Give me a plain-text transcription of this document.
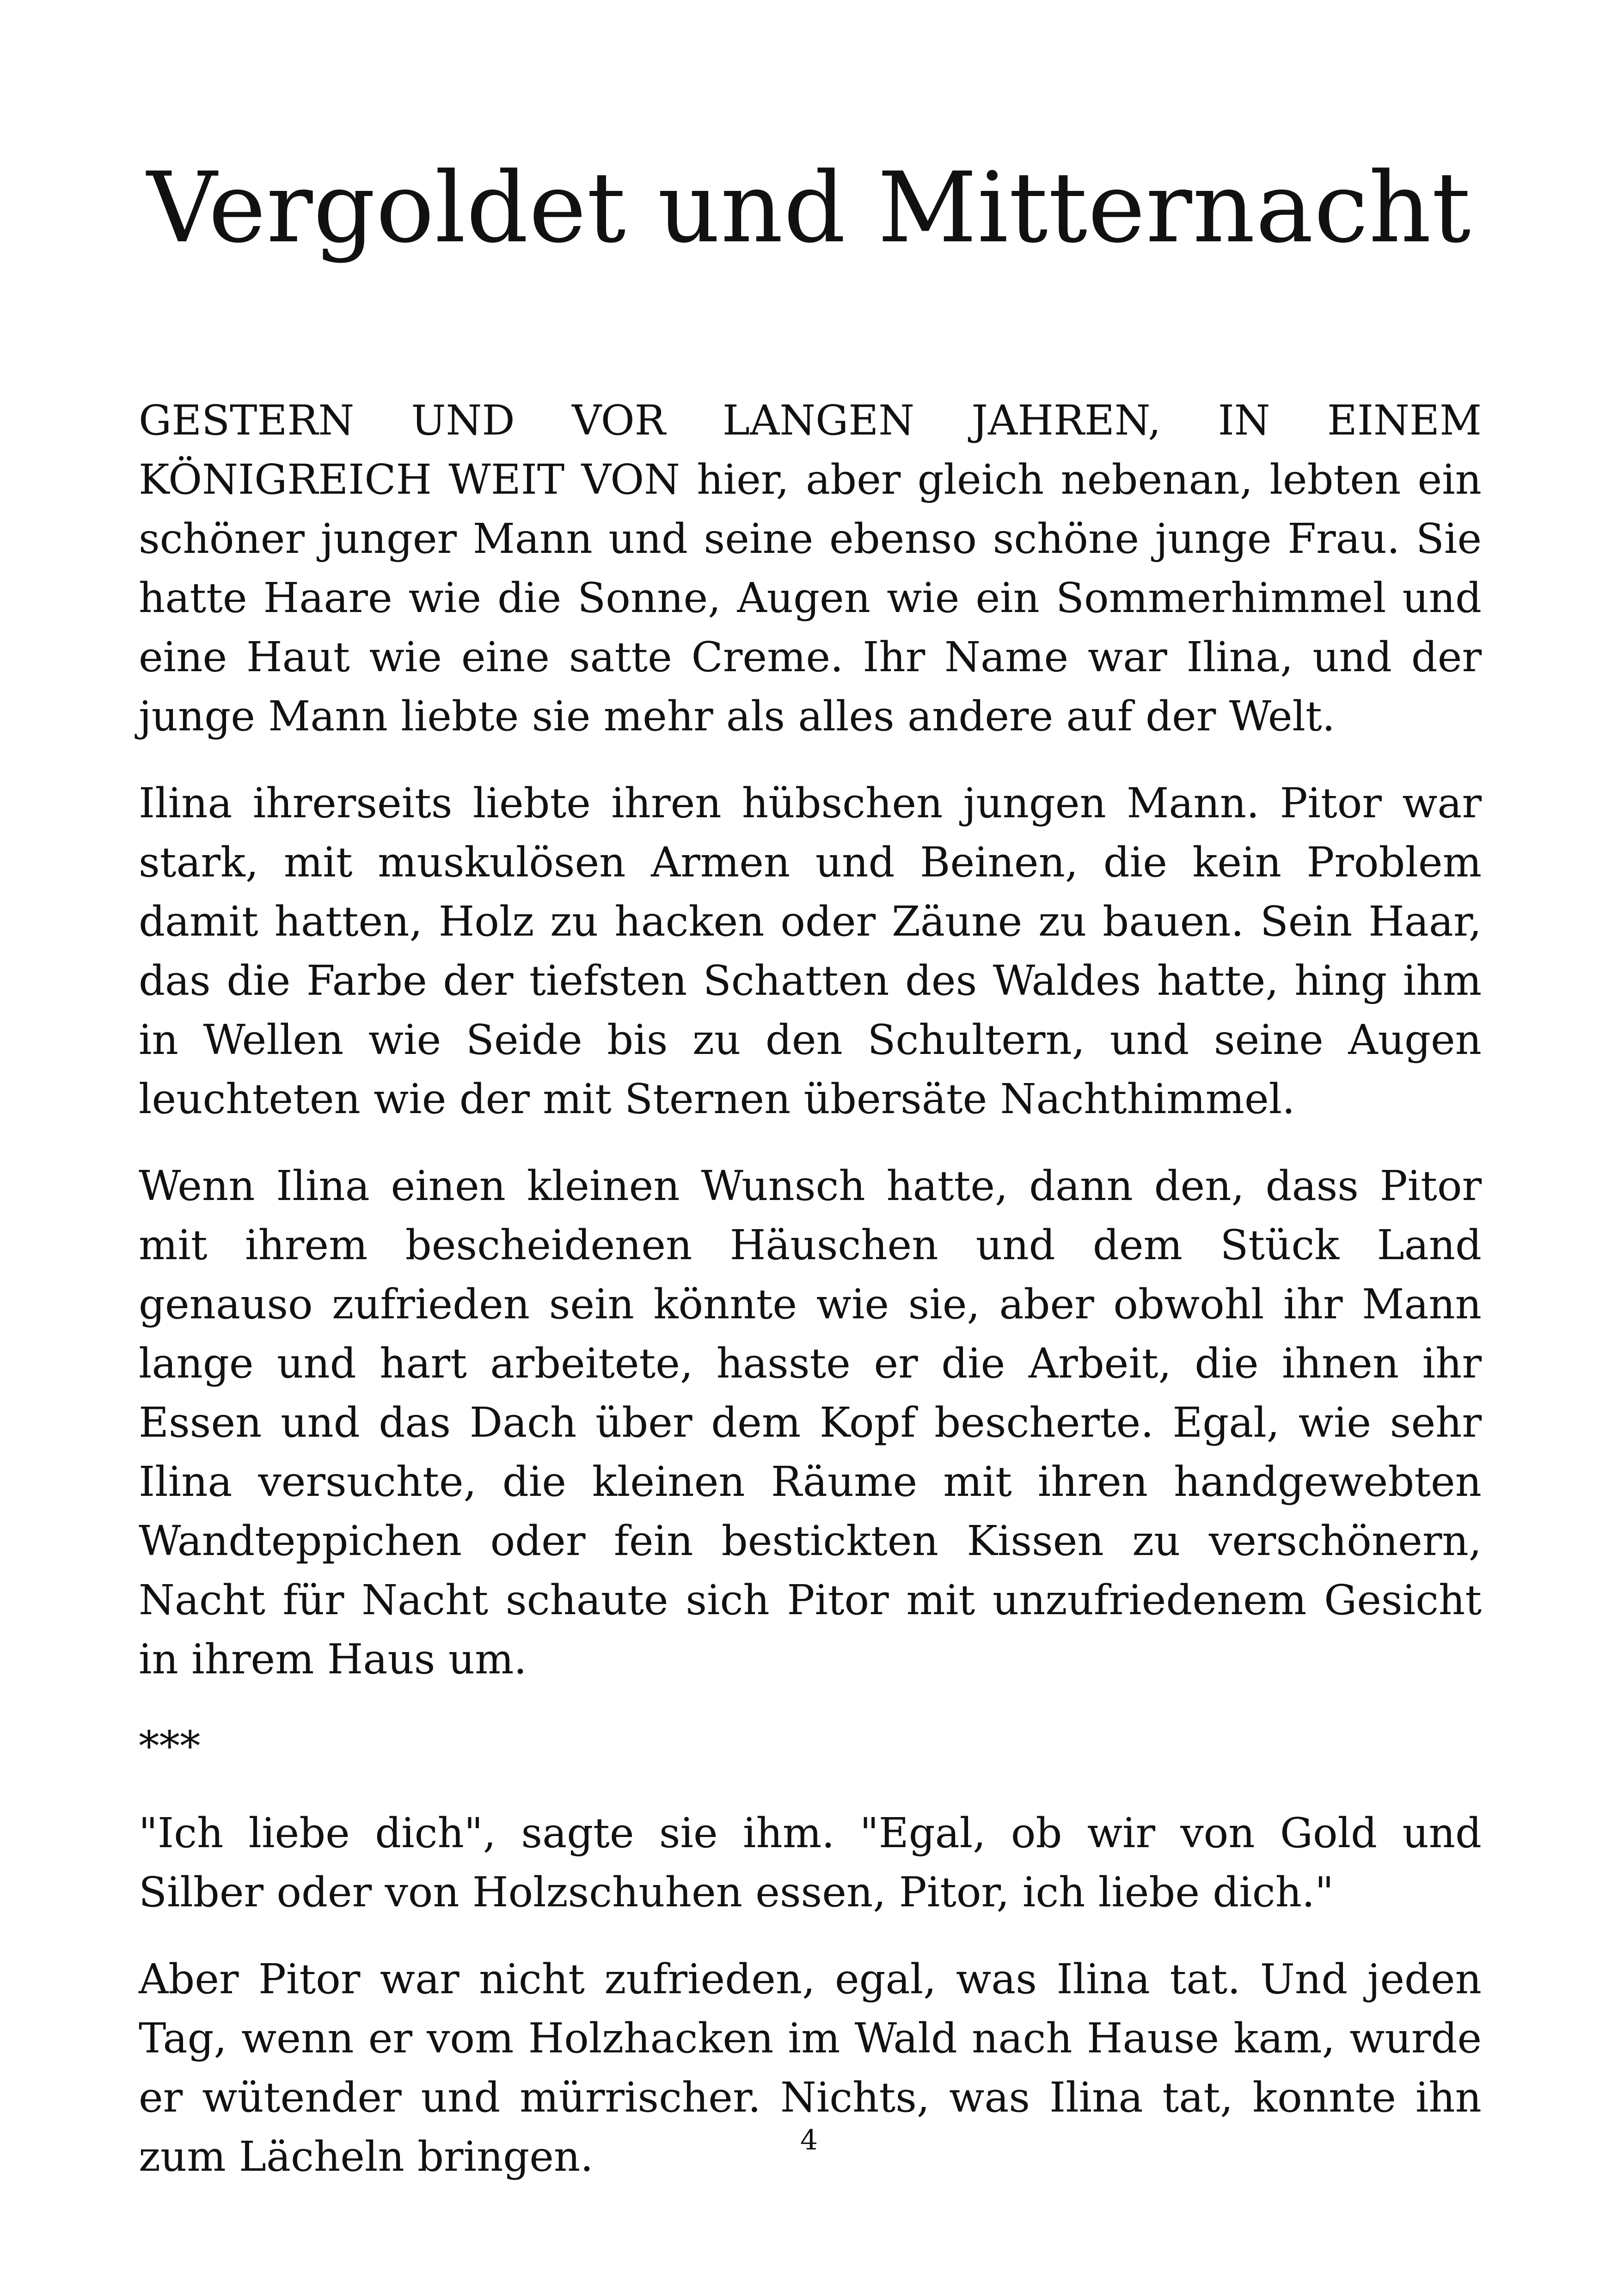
Vergoldet und Mitternacht

GESTERN UND VOR LANGEN JAHREN, IN EINEM KÖNIGREICH WEIT VON hier, aber gleich nebenan, lebten ein schöner junger Mann und seine ebenso schöne junge Frau. Sie hatte Haare wie die Sonne, Augen wie ein Sommerhimmel und eine Haut wie eine satte Creme. Ihr Name war Ilina, und der junge Mann liebte sie mehr als alles andere auf der Welt.

Ilina ihrerseits liebte ihren hübschen jungen Mann. Pitor war stark, mit muskulösen Armen und Beinen, die kein Problem damit hatten, Holz zu hacken oder Zäune zu bauen. Sein Haar, das die Farbe der tiefsten Schatten des Waldes hatte, hing ihm in Wellen wie Seide bis zu den Schultern, und seine Augen leuchteten wie der mit Sternen übersäte Nachthimmel.

Wenn Ilina einen kleinen Wunsch hatte, dann den, dass Pitor mit ihrem bescheidenen Häuschen und dem Stück Land genauso zufrieden sein könnte wie sie, aber obwohl ihr Mann lange und hart arbeitete, hasste er die Arbeit, die ihnen ihr Essen und das Dach über dem Kopf bescherte. Egal, wie sehr Ilina versuchte, die kleinen Räume mit ihren handgewebten Wandteppichen oder fein bestickten Kissen zu verschönern, Nacht für Nacht schaute sich Pitor mit unzufriedenem Gesicht in ihrem Haus um.

***

"Ich liebe dich", sagte sie ihm. "Egal, ob wir von Gold und Silber oder von Holzschuhen essen, Pitor, ich liebe dich."

Aber Pitor war nicht zufrieden, egal, was Ilina tat. Und jeden Tag, wenn er vom Holzhacken im Wald nach Hause kam, wurde er wütender und mürrischer. Nichts, was Ilina tat, konnte ihn zum Lächeln bringen.	4
